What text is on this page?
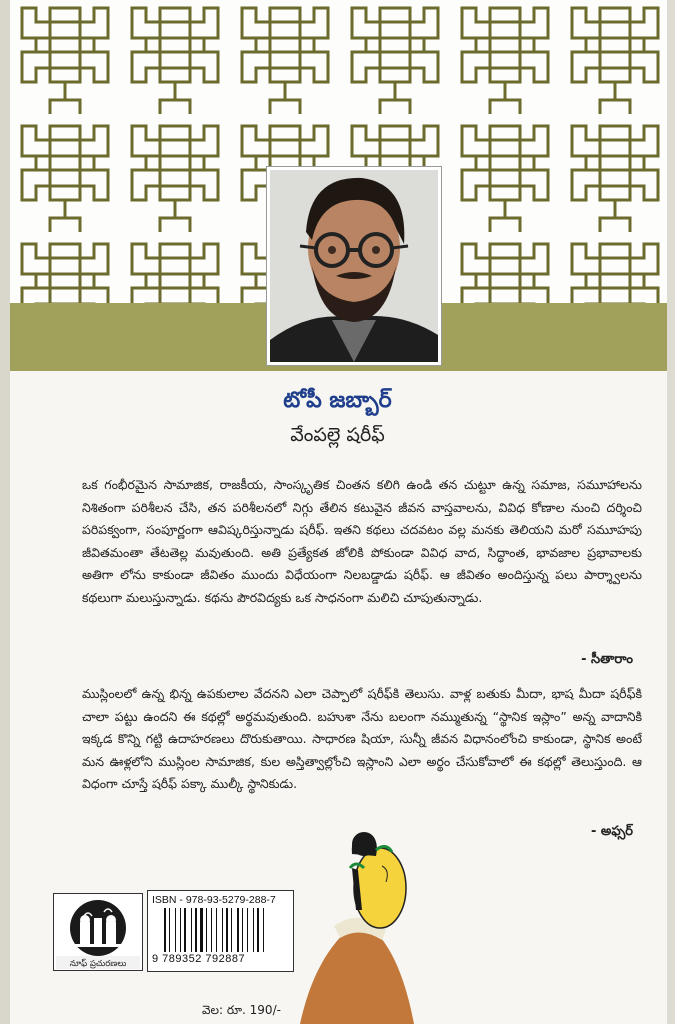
టోపీ జబ్బార్
వేంపల్లె షరీఫ్
ఒక గంభీరమైన సామాజిక, రాజకీయ, సాంస్కృతిక చింతన కలిగి ఉండి తన చుట్టూ ఉన్న సమాజ, సమూహాలను నిశితంగా పరిశీలన చేసి, తన పరిశీలనలో నిగ్గు తేలిన కటువైన జీవన వాస్తవాలను, వివిధ కోణాల నుంచి దర్శించి పరిపక్వంగా, సంపూర్ణంగా ఆవిష్కరిస్తున్నాడు షరీఫ్. ఇతని కథలు చదవటం వల్ల మనకు తెలియని మరో సమూహపు జీవితమంతా తేటతెల్ల మవుతుంది. అతి ప్రత్యేకత జోలికి పోకుండా వివిధ వాద, సిద్ధాంత, భావజాల ప్రభావాలకు అతిగా లోను కాకుండా జీవితం ముందు విధేయంగా నిలబడ్డాడు షరీఫ్. ఆ జీవితం అందిస్తున్న పలు పార్శ్వాలను కథలుగా మలుస్తున్నాడు. కథను పౌరవిద్యకు ఒక సాధనంగా మలిచి చూపుతున్నాడు.
- సీతారాం
ముస్లింలలో ఉన్న భిన్న ఉపకులాల వేదనని ఎలా చెప్పాలో షరీఫ్‌కి తెలుసు. వాళ్ల బతుకు మీదా, భాష మీదా షరీఫ్‌కి చాలా పట్టు ఉందని ఈ కథల్లో అర్థమవుతుంది. బహుశా నేను బలంగా నమ్ముతున్న “స్థానిక ఇస్లాం” అన్న వాదానికి ఇక్కడ కొన్ని గట్టి ఉదాహరణలు దొరుకుతాయి. సాధారణ షియా, సున్నీ జీవన విధానంలోంచి కాకుండా, స్థానిక అంటే మన ఊళ్లలోని ముస్లింల సామాజిక, కుల అస్తిత్వాల్లోంచి ఇస్లాంని ఎలా అర్థం చేసుకోవాలో ఈ కథల్లో తెలుస్తుంది. ఆ విధంగా చూస్తే షరీఫ్ పక్కా ముల్కీ స్థానికుడు.
- అఫ్సర్
నూఫ్ ప్రచురణలు
ISBN - 978-93-5279-288-7
9 789352 792887
వెల: రూ. 190/-
